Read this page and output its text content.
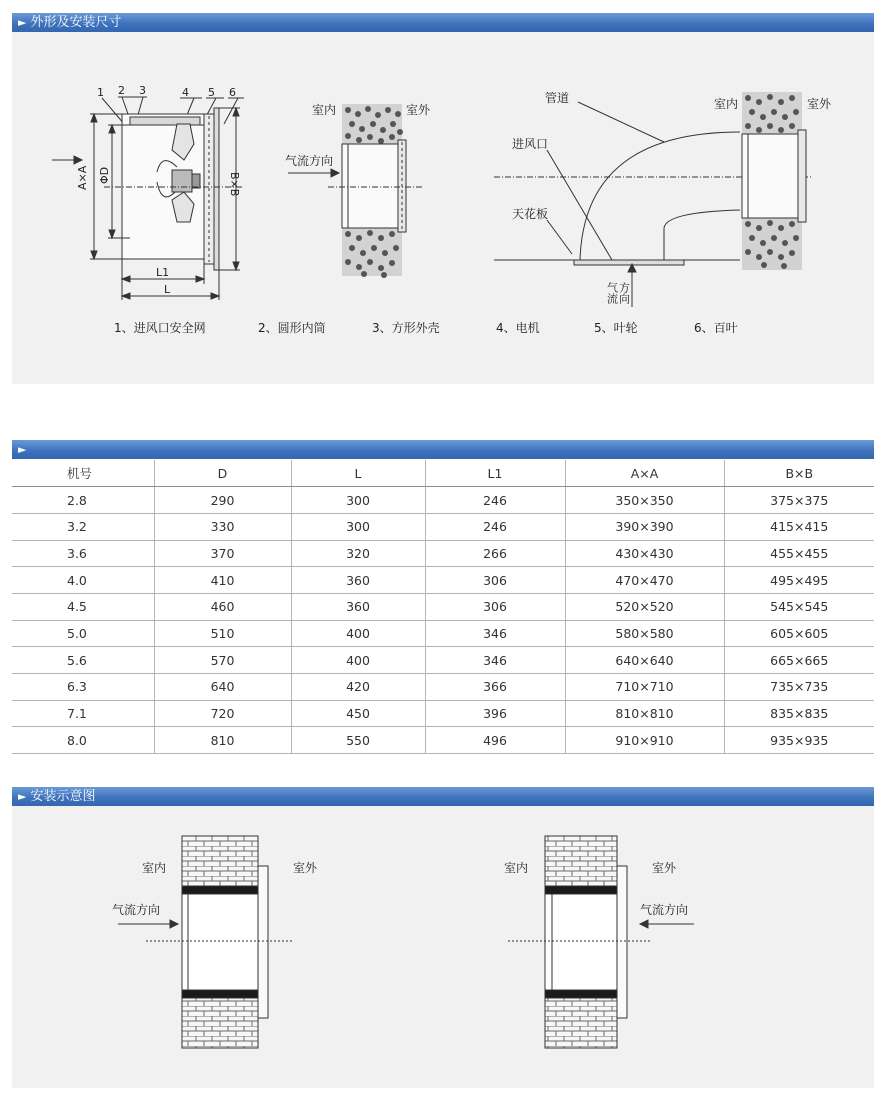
► 外形及安装尺寸
1 2 3	4 5 6
A×A ΦD	B×B
L1
L
室内	室外
气流方向
管道
进风口
天花板
室内	室外
气流 方向
1、进风口安全网	2、圆形内筒	3、方形外壳	4、电机	5、叶轮	6、百叶
►
机号	D	L	L1	A×A	B×B
2.8	290	300	246	350×350	375×375
3.2	330	300	246	390×390	415×415
3.6	370	320	266	430×430	455×455
4.0	410	360	306	470×470	495×495
4.5	460	360	306	520×520	545×545
5.0	510	400	346	580×580	605×605
5.6	570	400	346	640×640	665×665
6.3	640	420	366	710×710	735×735
7.1	720	450	396	810×810	835×835
8.0	810	550	496	910×910	935×935
► 安装示意图
室内	室外
气流方向
室内	室外
气流方向
